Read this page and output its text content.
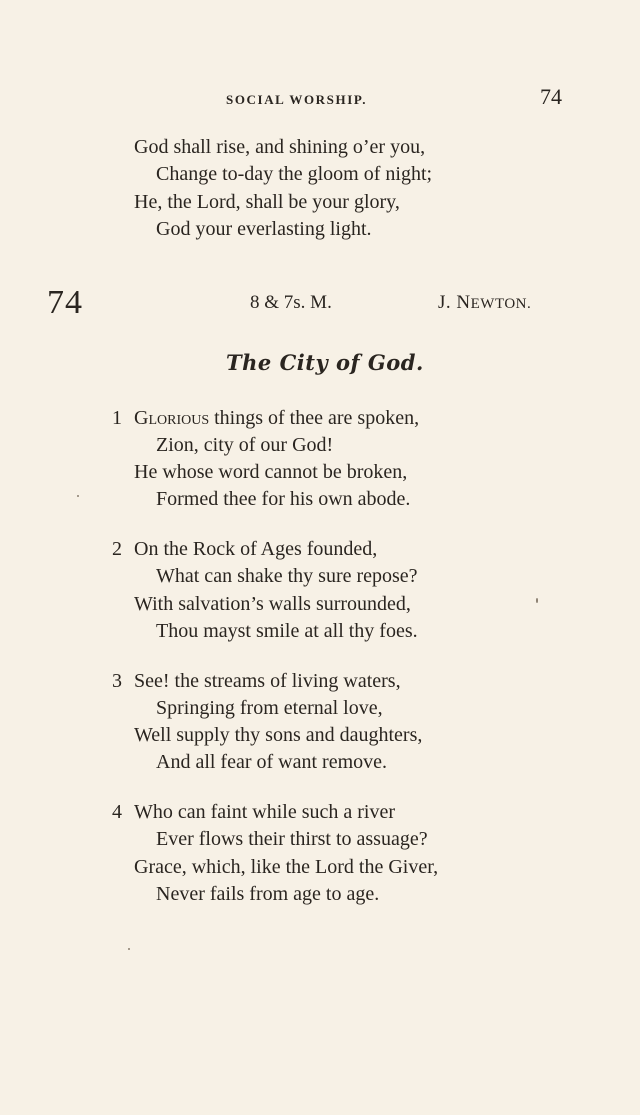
SOCIAL WORSHIP.	74
God shall rise, and shining o’er you,
Change to-day the gloom of night;
He, the Lord, shall be your glory,
God your everlasting light.
74	8 & 7s. M.	J. NEWTON.
The City of God.
1 Glorious things of thee are spoken,
Zion, city of our God!
He whose word cannot be broken,
Formed thee for his own abode.
2 On the Rock of Ages founded,
What can shake thy sure repose?
With salvation’s walls surrounded,
Thou mayst smile at all thy foes.
3 See! the streams of living waters,
Springing from eternal love,
Well supply thy sons and daughters,
And all fear of want remove.
4 Who can faint while such a river
Ever flows their thirst to assuage?
Grace, which, like the Lord the Giver,
Never fails from age to age.
